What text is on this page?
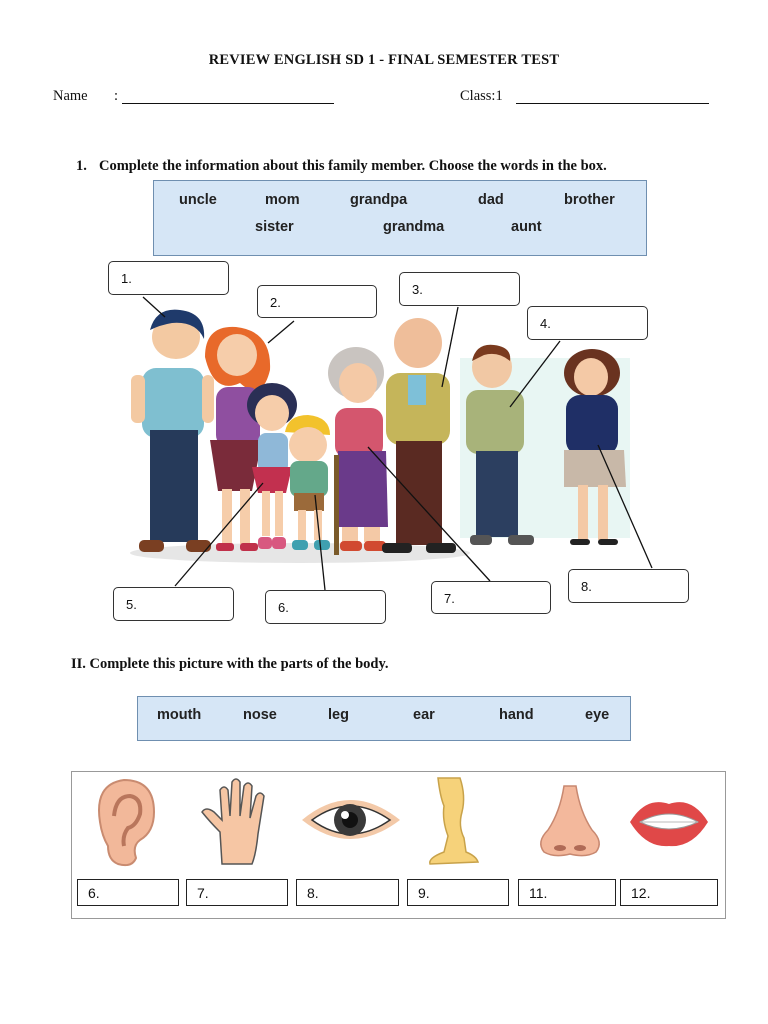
REVIEW ENGLISH SD 1 - FINAL SEMESTER TEST
Name :	Class:1
1. Complete the information about this family member. Choose the words in the box.
uncle	mom	grandpa	dad	brother
sister	grandma	aunt
1.
2.
3.
4.
5.	6.
7.
8.
II. Complete this picture with the parts of the body.
mouth	nose	leg	ear	hand	eye
6.	7.	8.	9.	11.	12.
